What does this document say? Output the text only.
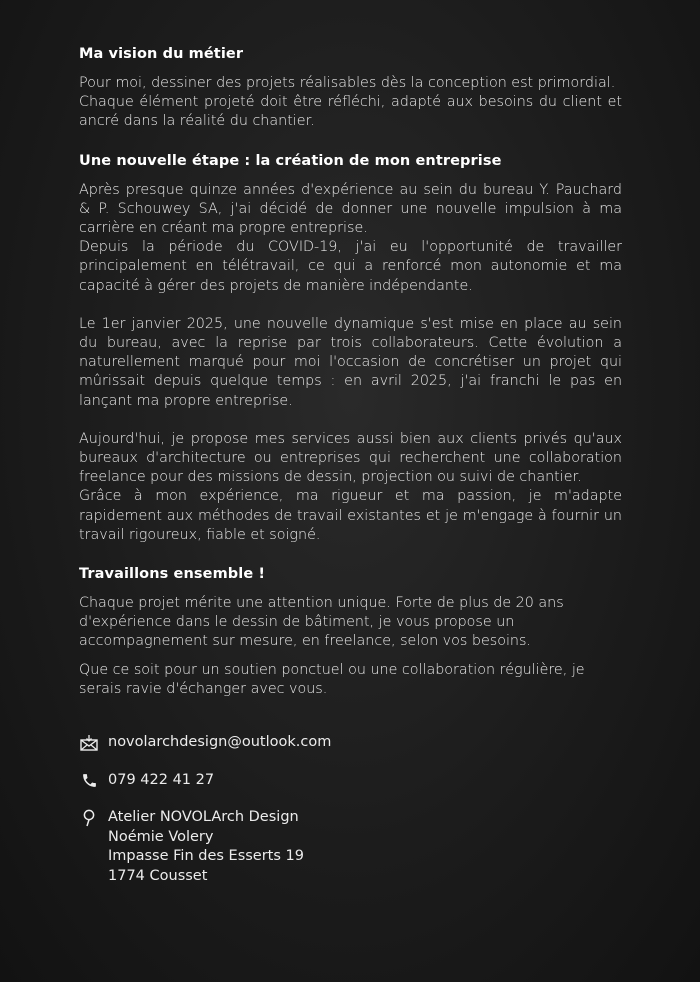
Ma vision du métier

Pour moi, dessiner des projets réalisables dès la conception est primordial.

Chaque élément projeté doit être réfléchi, adapté aux besoins du client et ancré dans la réalité du chantier.

Une nouvelle étape : la création de mon entreprise

Après presque quinze années d'expérience au sein du bureau Y. Pauchard & P. Schouwey SA, j'ai décidé de donner une nouvelle impulsion à ma carrière en créant ma propre entreprise.

Depuis la période du COVID-19, j'ai eu l'opportunité de travailler principalement en télétravail, ce qui a renforcé mon autonomie et ma capacité à gérer des projets de manière indépendante.

Le 1er janvier 2025, une nouvelle dynamique s'est mise en place au sein du bureau, avec la reprise par trois collaborateurs. Cette évolution a naturellement marqué pour moi l'occasion de concrétiser un projet qui mûrissait depuis quelque temps : en avril 2025, j'ai franchi le pas en lançant ma propre entreprise.

Aujourd'hui, je propose mes services aussi bien aux clients privés qu'aux bureaux d'architecture ou entreprises qui recherchent une collaboration freelance pour des missions de dessin, projection ou suivi de chantier.

Grâce à mon expérience, ma rigueur et ma passion, je m'adapte rapidement aux méthodes de travail existantes et je m'engage à fournir un travail rigoureux, fiable et soigné.

Travaillons ensemble !

Chaque projet mérite une attention unique. Forte de plus de 20 ans d'expérience dans le dessin de bâtiment, je vous propose un accompagnement sur mesure, en freelance, selon vos besoins.

Que ce soit pour un soutien ponctuel ou une collaboration régulière, je serais ravie d'échanger avec vous.

novolarchdesign@outlook.com
079 422 41 27
Atelier NOVOLArch Design
Noémie Volery
Impasse Fin des Esserts 19
1774 Cousset
